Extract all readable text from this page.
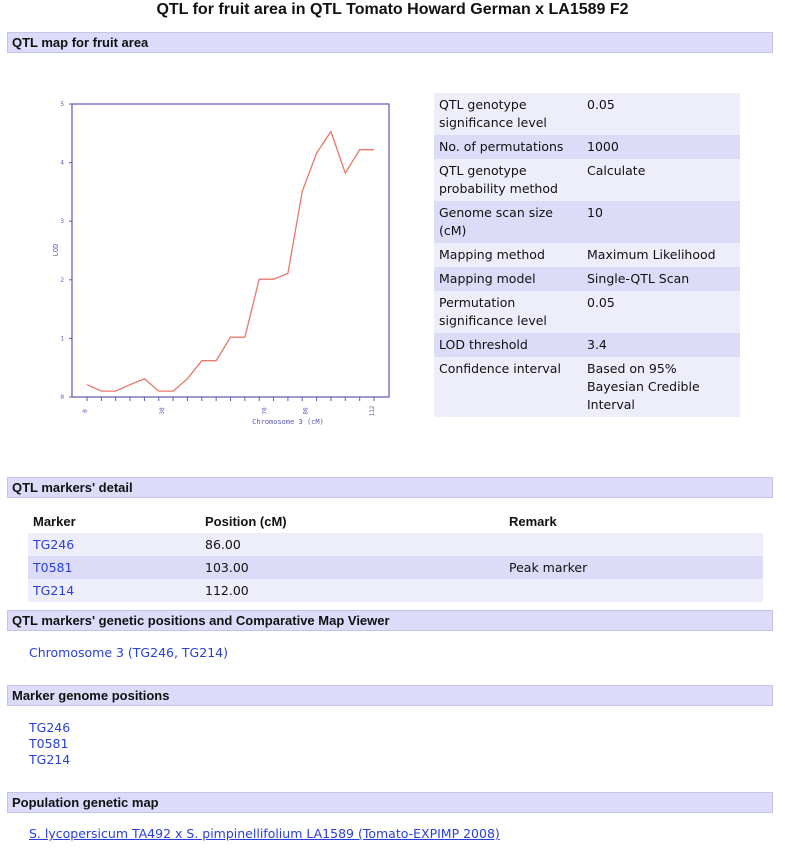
QTL for fruit area in QTL Tomato Howard German x LA1589 F2
QTL map for fruit area
0
1
2
3
4
5
0	30	70	86	112
Chromosome 3 (cM)
LOD
QTL genotype significance level	0.05
No. of permutations	1000
QTL genotype probability method	Calculate
Genome scan size (cM)	10
Mapping method	Maximum Likelihood
Mapping model	Single-QTL Scan
Permutation significance level	0.05
LOD threshold	3.4
Confidence interval	Based on 95% Bayesian Credible Interval
QTL markers' detail
Marker	Position (cM)	Remark
TG246	86.00	
T0581	103.00	Peak marker
TG214	112.00	
QTL markers' genetic positions and Comparative Map Viewer
Chromosome 3 (TG246, TG214)
Marker genome positions
TG246
T0581
TG214
Population genetic map
S. lycopersicum TA492 x S. pimpinellifolium LA1589 (Tomato-EXPIMP 2008)
